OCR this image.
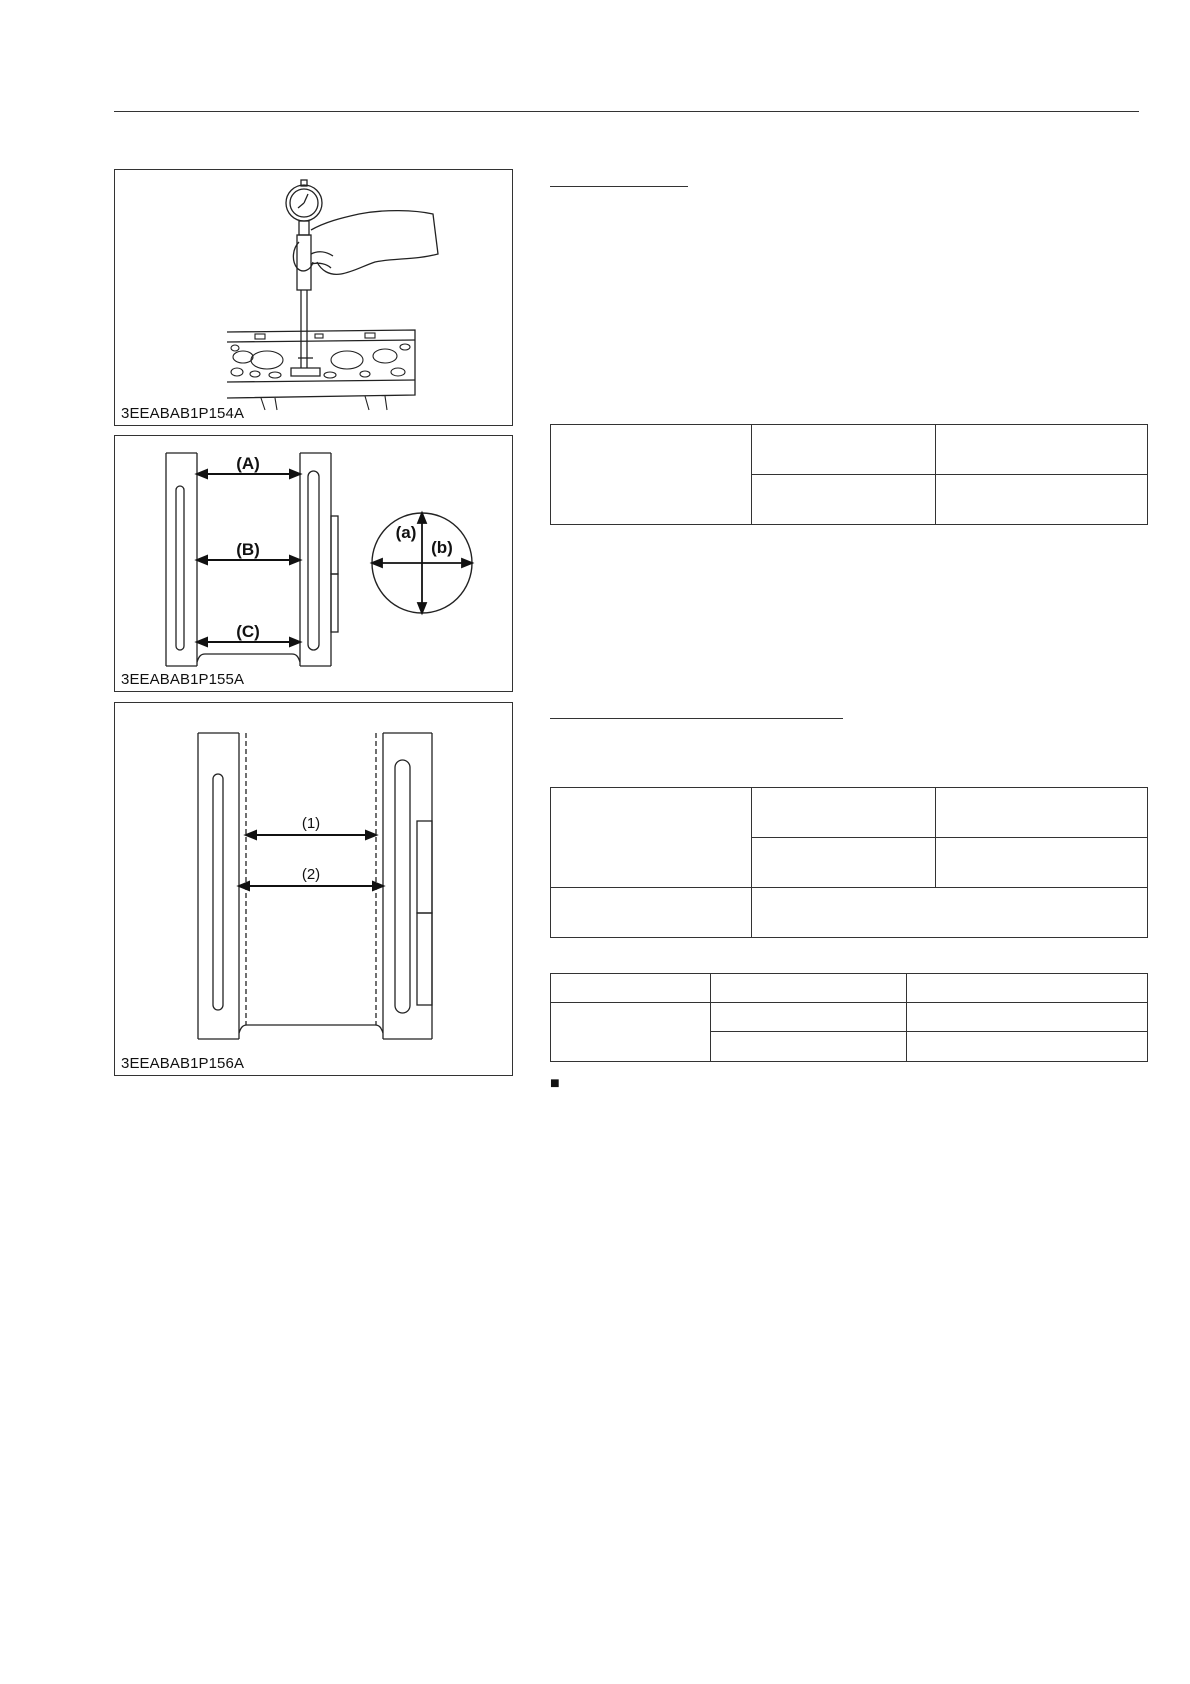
3EEABAB1P154A
(A)
(B)
(C)
(a)
(b)
3EEABAB1P155A
(1)
(2)
3EEABAB1P156A

■
